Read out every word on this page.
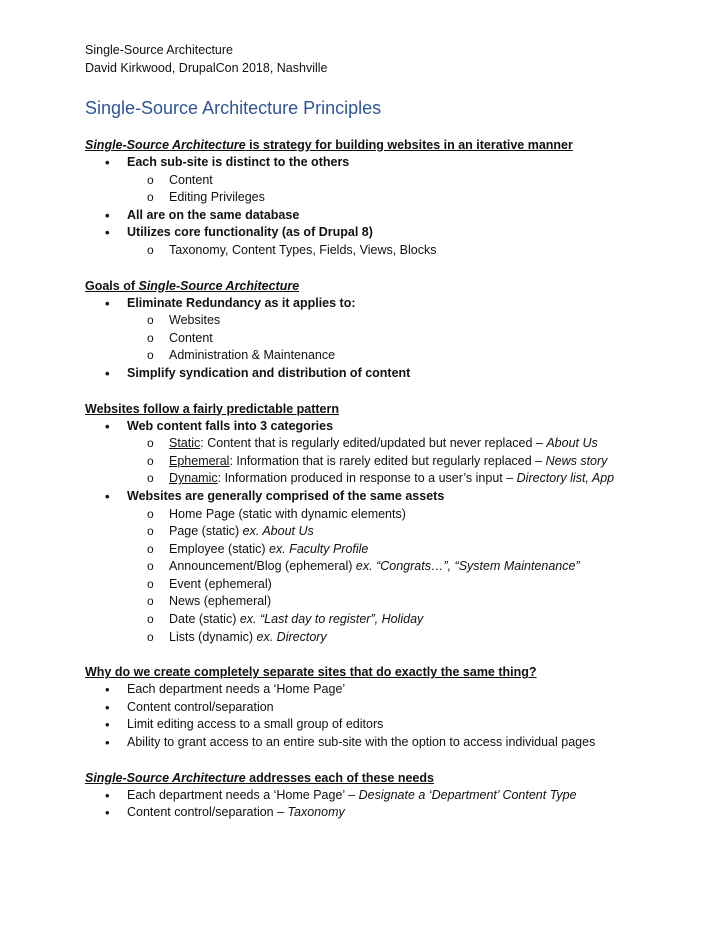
Single-Source Architecture

David Kirkwood, DrupalCon 2018, Nashville

Single-Source Architecture Principles

Single-Source Architecture is strategy for building websites in an iterative manner

• Each sub-site is distinct to the others
o Content
o Editing Privileges
• All are on the same database
• Utilizes core functionality (as of Drupal 8)
o Taxonomy, Content Types, Fields, Views, Blocks

Goals of Single-Source Architecture

• Eliminate Redundancy as it applies to:
o Websites
o Content
o Administration & Maintenance
• Simplify syndication and distribution of content

Websites follow a fairly predictable pattern

• Web content falls into 3 categories
o Static: Content that is regularly edited/updated but never replaced – About Us
o Ephemeral: Information that is rarely edited but regularly replaced – News story
o Dynamic: Information produced in response to a user’s input – Directory list, App
• Websites are generally comprised of the same assets
o Home Page (static with dynamic elements)
o Page (static) ex. About Us
o Employee (static) ex. Faculty Profile
o Announcement/Blog (ephemeral) ex. “Congrats…”, “System Maintenance”
o Event (ephemeral)
o News (ephemeral)
o Date (static) ex. “Last day to register”, Holiday
o Lists (dynamic) ex. Directory

Why do we create completely separate sites that do exactly the same thing?

• Each department needs a ‘Home Page’
• Content control/separation
• Limit editing access to a small group of editors
• Ability to grant access to an entire sub-site with the option to access individual pages

Single-Source Architecture addresses each of these needs

• Each department needs a ‘Home Page’ – Designate a ‘Department’ Content Type
• Content control/separation – Taxonomy
